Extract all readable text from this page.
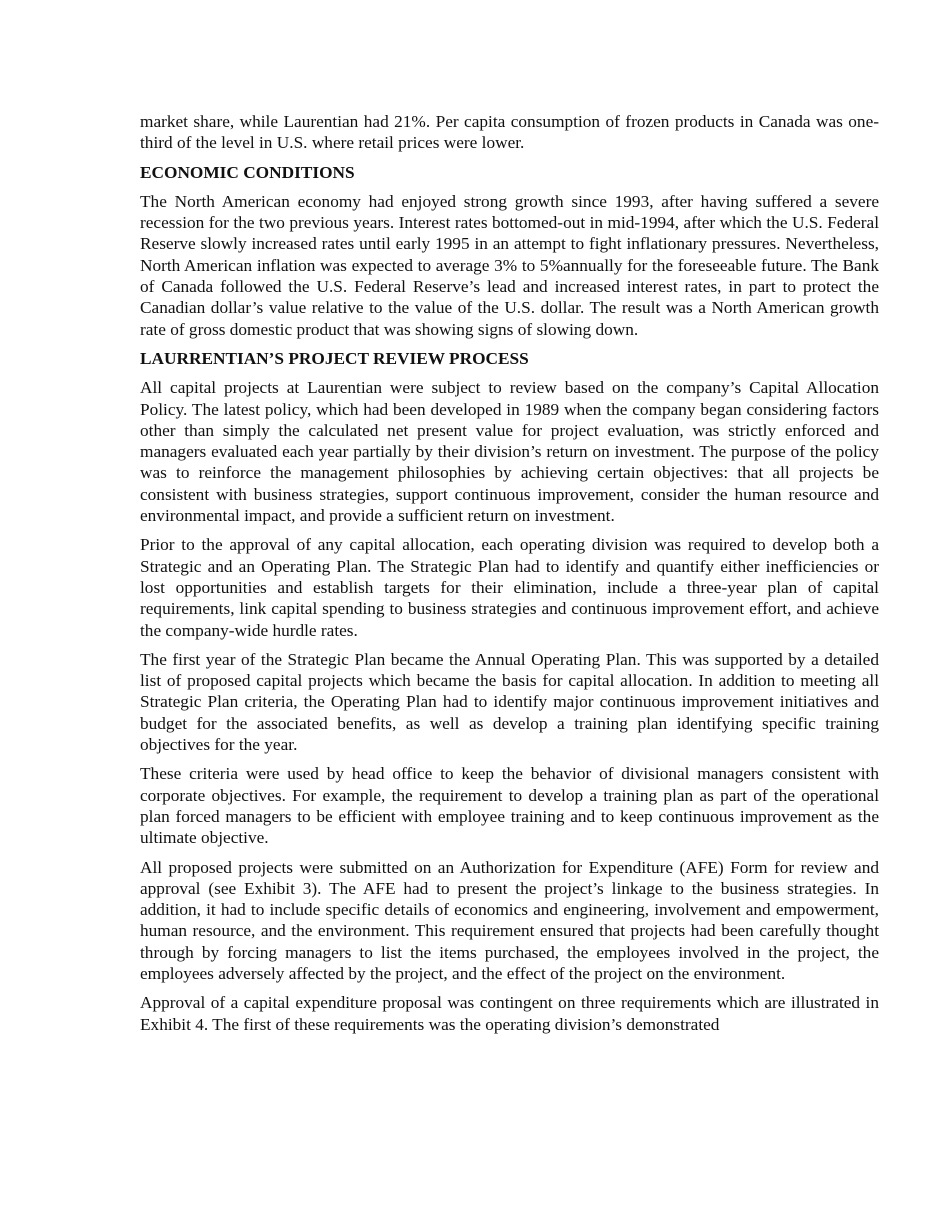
market share, while Laurentian had 21%. Per capita consumption of frozen products in Canada was one-third of the level in U.S. where retail prices were lower.

ECONOMIC CONDITIONS

The North American economy had enjoyed strong growth since 1993, after having suffered a severe recession for the two previous years. Interest rates bottomed-out in mid-1994, after which the U.S. Federal Reserve slowly increased rates until early 1995 in an attempt to fight inflationary pressures. Nevertheless, North American inflation was expected to average 3% to 5%annually for the foreseeable future. The Bank of Canada followed the U.S. Federal Reserve’s lead and increased interest rates, in part to protect the Canadian dollar’s value relative to the value of the U.S. dollar. The result was a North American growth rate of gross domestic product that was showing signs of slowing down.

LAURRENTIAN’S PROJECT REVIEW PROCESS

All capital projects at Laurentian were subject to review based on the company’s Capital Allocation Policy. The latest policy, which had been developed in 1989 when the company began considering factors other than simply the calculated net present value for project evaluation, was strictly enforced and managers evaluated each year partially by their division’s return on investment. The purpose of the policy was to reinforce the management philosophies by achieving certain objectives: that all projects be consistent with business strategies, support continuous improvement, consider the human resource and environmental impact, and provide a sufficient return on investment.

Prior to the approval of any capital allocation, each operating division was required to develop both a Strategic and an Operating Plan. The Strategic Plan had to identify and quantify either inefficiencies or lost opportunities and establish targets for their elimination, include a three-year plan of capital requirements, link capital spending to business strategies and continuous improvement effort, and achieve the company-wide hurdle rates.

The first year of the Strategic Plan became the Annual Operating Plan. This was supported by a detailed list of proposed capital projects which became the basis for capital allocation. In addition to meeting all Strategic Plan criteria, the Operating Plan had to identify major continuous improvement initiatives and budget for the associated benefits, as well as develop a training plan identifying specific training objectives for the year.

These criteria were used by head office to keep the behavior of divisional managers consistent with corporate objectives. For example, the requirement to develop a training plan as part of the operational plan forced managers to be efficient with employee training and to keep continuous improvement as the ultimate objective.

All proposed projects were submitted on an Authorization for Expenditure (AFE) Form for review and approval (see Exhibit 3). The AFE had to present the project’s linkage to the business strategies. In addition, it had to include specific details of economics and engineering, involvement and empowerment, human resource, and the environment. This requirement ensured that projects had been carefully thought through by forcing managers to list the items purchased, the employees involved in the project, the employees adversely affected by the project, and the effect of the project on the environment.

Approval of a capital expenditure proposal was contingent on three requirements which are illustrated in Exhibit 4. The first of these requirements was the operating division’s demonstrated
